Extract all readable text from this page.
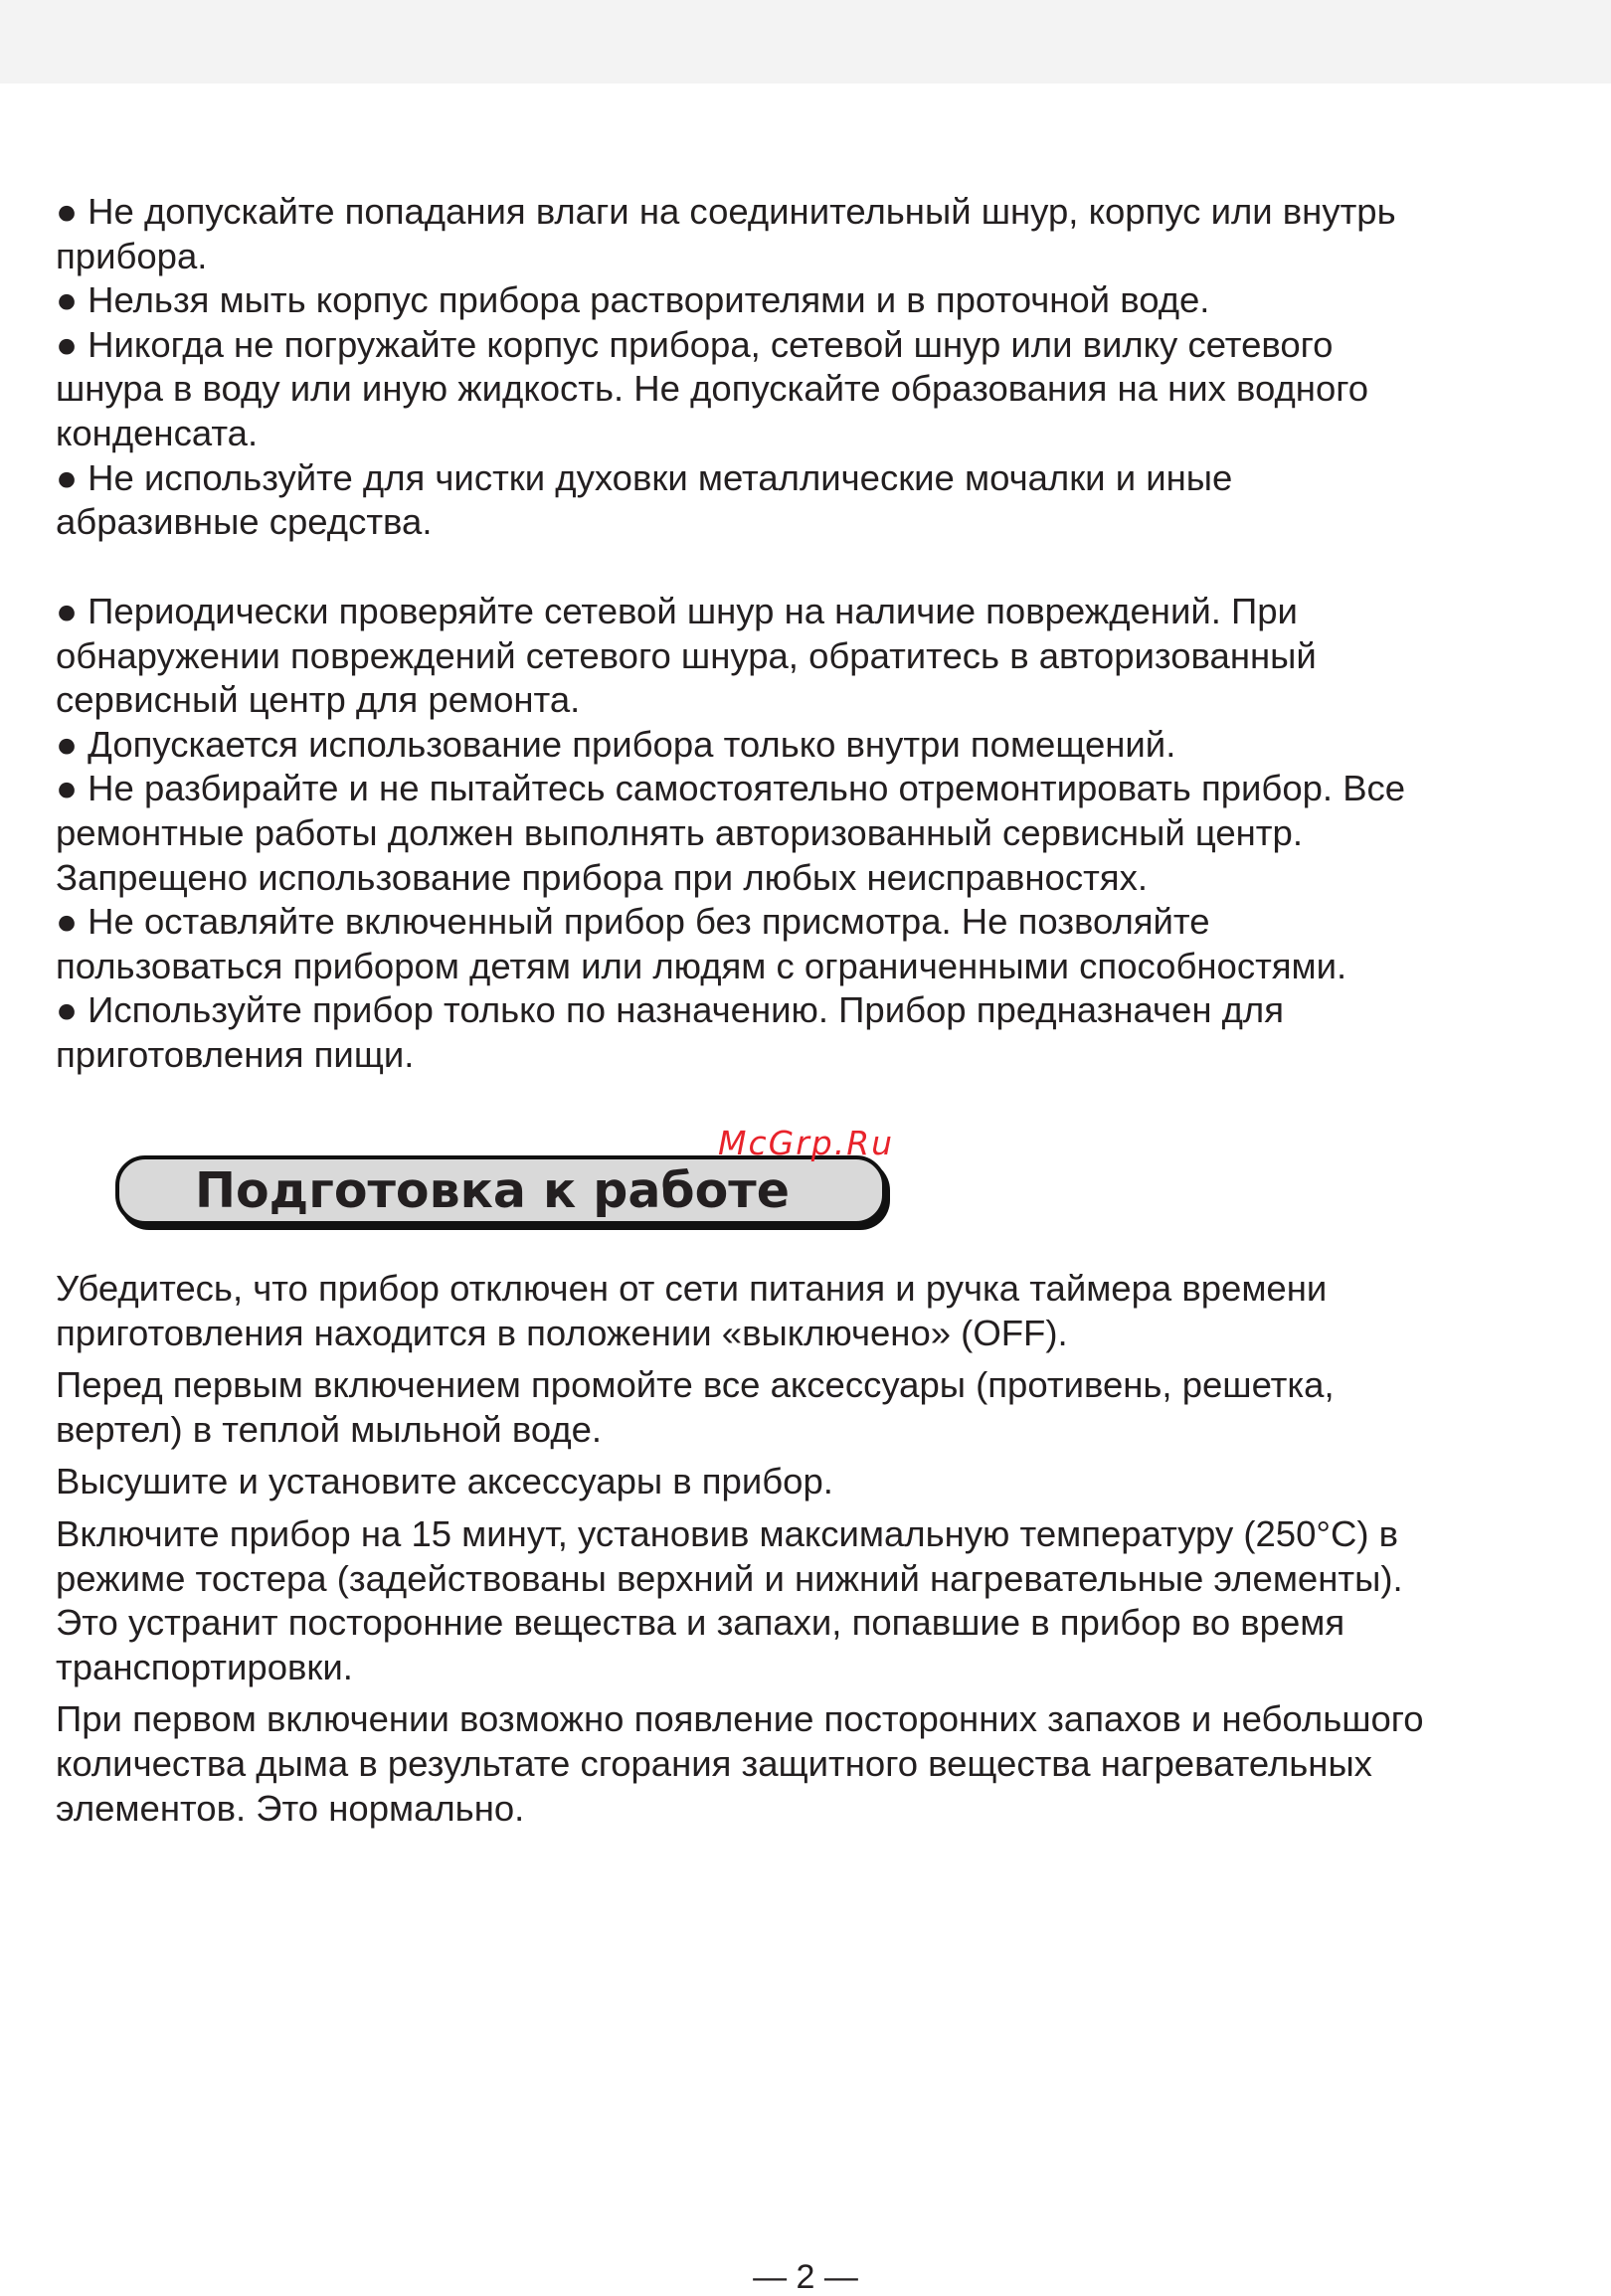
● Не допускайте попадания влаги на соединительный шнур, корпус или внутрь

прибора.

● Нельзя мыть корпус прибора растворителями и в проточной воде.

● Никогда не погружайте корпус прибора, сетевой шнур или вилку сетевого

шнура в воду или иную жидкость. Не допускайте образования на них водного

конденсата.

● Не используйте для чистки духовки металлические мочалки и иные

абразивные средства.

● Периодически проверяйте сетевой шнур на наличие повреждений. При

обнаружении повреждений сетевого шнура, обратитесь в авторизованный

сервисный центр для ремонта.

● Допускается использование прибора только внутри помещений.

● Не разбирайте и не пытайтесь самостоятельно отремонтировать прибор. Все

ремонтные работы должен выполнять авторизованный сервисный центр.

Запрещено использование прибора при любых неисправностях.

● Не оставляйте включенный прибор без присмотра. Не позволяйте

пользоваться прибором детям или людям с ограниченными способностями.

● Используйте прибор только по назначению. Прибор предназначен для

приготовления пищи.

Подготовка к работе
McGrp.Ru

Убедитесь, что прибор отключен от сети питания и ручка таймера времени
приготовления находится в положении «выключено» (OFF).

Перед первым включением промойте все аксессуары (противень, решетка,
вертел) в теплой мыльной воде.

Высушите и установите аксессуары в прибор.

Включите прибор на 15 минут, установив максимальную температуру (250°С) в
режиме тостера (задействованы верхний и нижний нагревательные элементы).
Это устранит посторонние вещества и запахи, попавшие в прибор во время
транспортировки.

При первом включении возможно появление посторонних запахов и небольшого
количества дыма в результате сгорания защитного вещества нагревательных
элементов. Это нормально.

— 2 —
